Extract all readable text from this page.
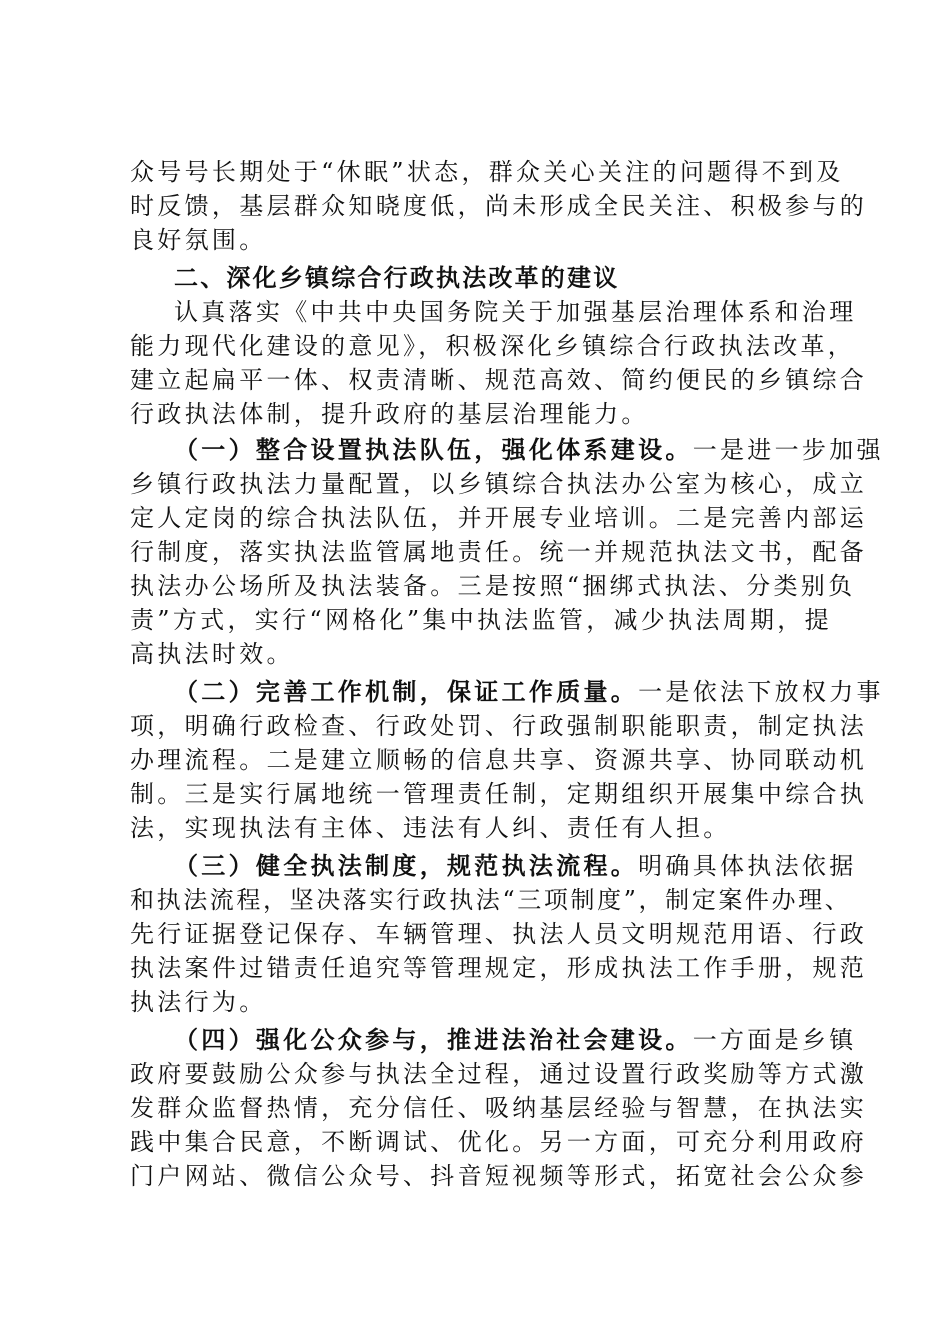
众号号长期处于“休眠”状态，群众关心关注的问题得不到及
时反馈，基层群众知晓度低，尚未形成全民关注、积极参与的
良好氛围。
二、深化乡镇综合行政执法改革的建议
认真落实《中共中央国务院关于加强基层治理体系和治理
能力现代化建设的意见》，积极深化乡镇综合行政执法改革，
建立起扁平一体、权责清晰、规范高效、简约便民的乡镇综合
行政执法体制，提升政府的基层治理能力。
（一）整合设置执法队伍，强化体系建设。一是进一步加强
乡镇行政执法力量配置，以乡镇综合执法办公室为核心，成立
定人定岗的综合执法队伍，并开展专业培训。二是完善内部运
行制度，落实执法监管属地责任。统一并规范执法文书，配备
执法办公场所及执法装备。三是按照“捆绑式执法、分类别负
责”方式，实行“网格化”集中执法监管，减少执法周期，提
高执法时效。
（二）完善工作机制，保证工作质量。一是依法下放权力事
项，明确行政检查、行政处罚、行政强制职能职责，制定执法
办理流程。二是建立顺畅的信息共享、资源共享、协同联动机
制。三是实行属地统一管理责任制，定期组织开展集中综合执
法，实现执法有主体、违法有人纠、责任有人担。
（三）健全执法制度，规范执法流程。明确具体执法依据
和执法流程，坚决落实行政执法“三项制度”，制定案件办理、
先行证据登记保存、车辆管理、执法人员文明规范用语、行政
执法案件过错责任追究等管理规定，形成执法工作手册，规范
执法行为。
（四）强化公众参与，推进法治社会建设。一方面是乡镇
政府要鼓励公众参与执法全过程，通过设置行政奖励等方式激
发群众监督热情，充分信任、吸纳基层经验与智慧，在执法实
践中集合民意，不断调试、优化。另一方面，可充分利用政府
门户网站、微信公众号、抖音短视频等形式，拓宽社会公众参
